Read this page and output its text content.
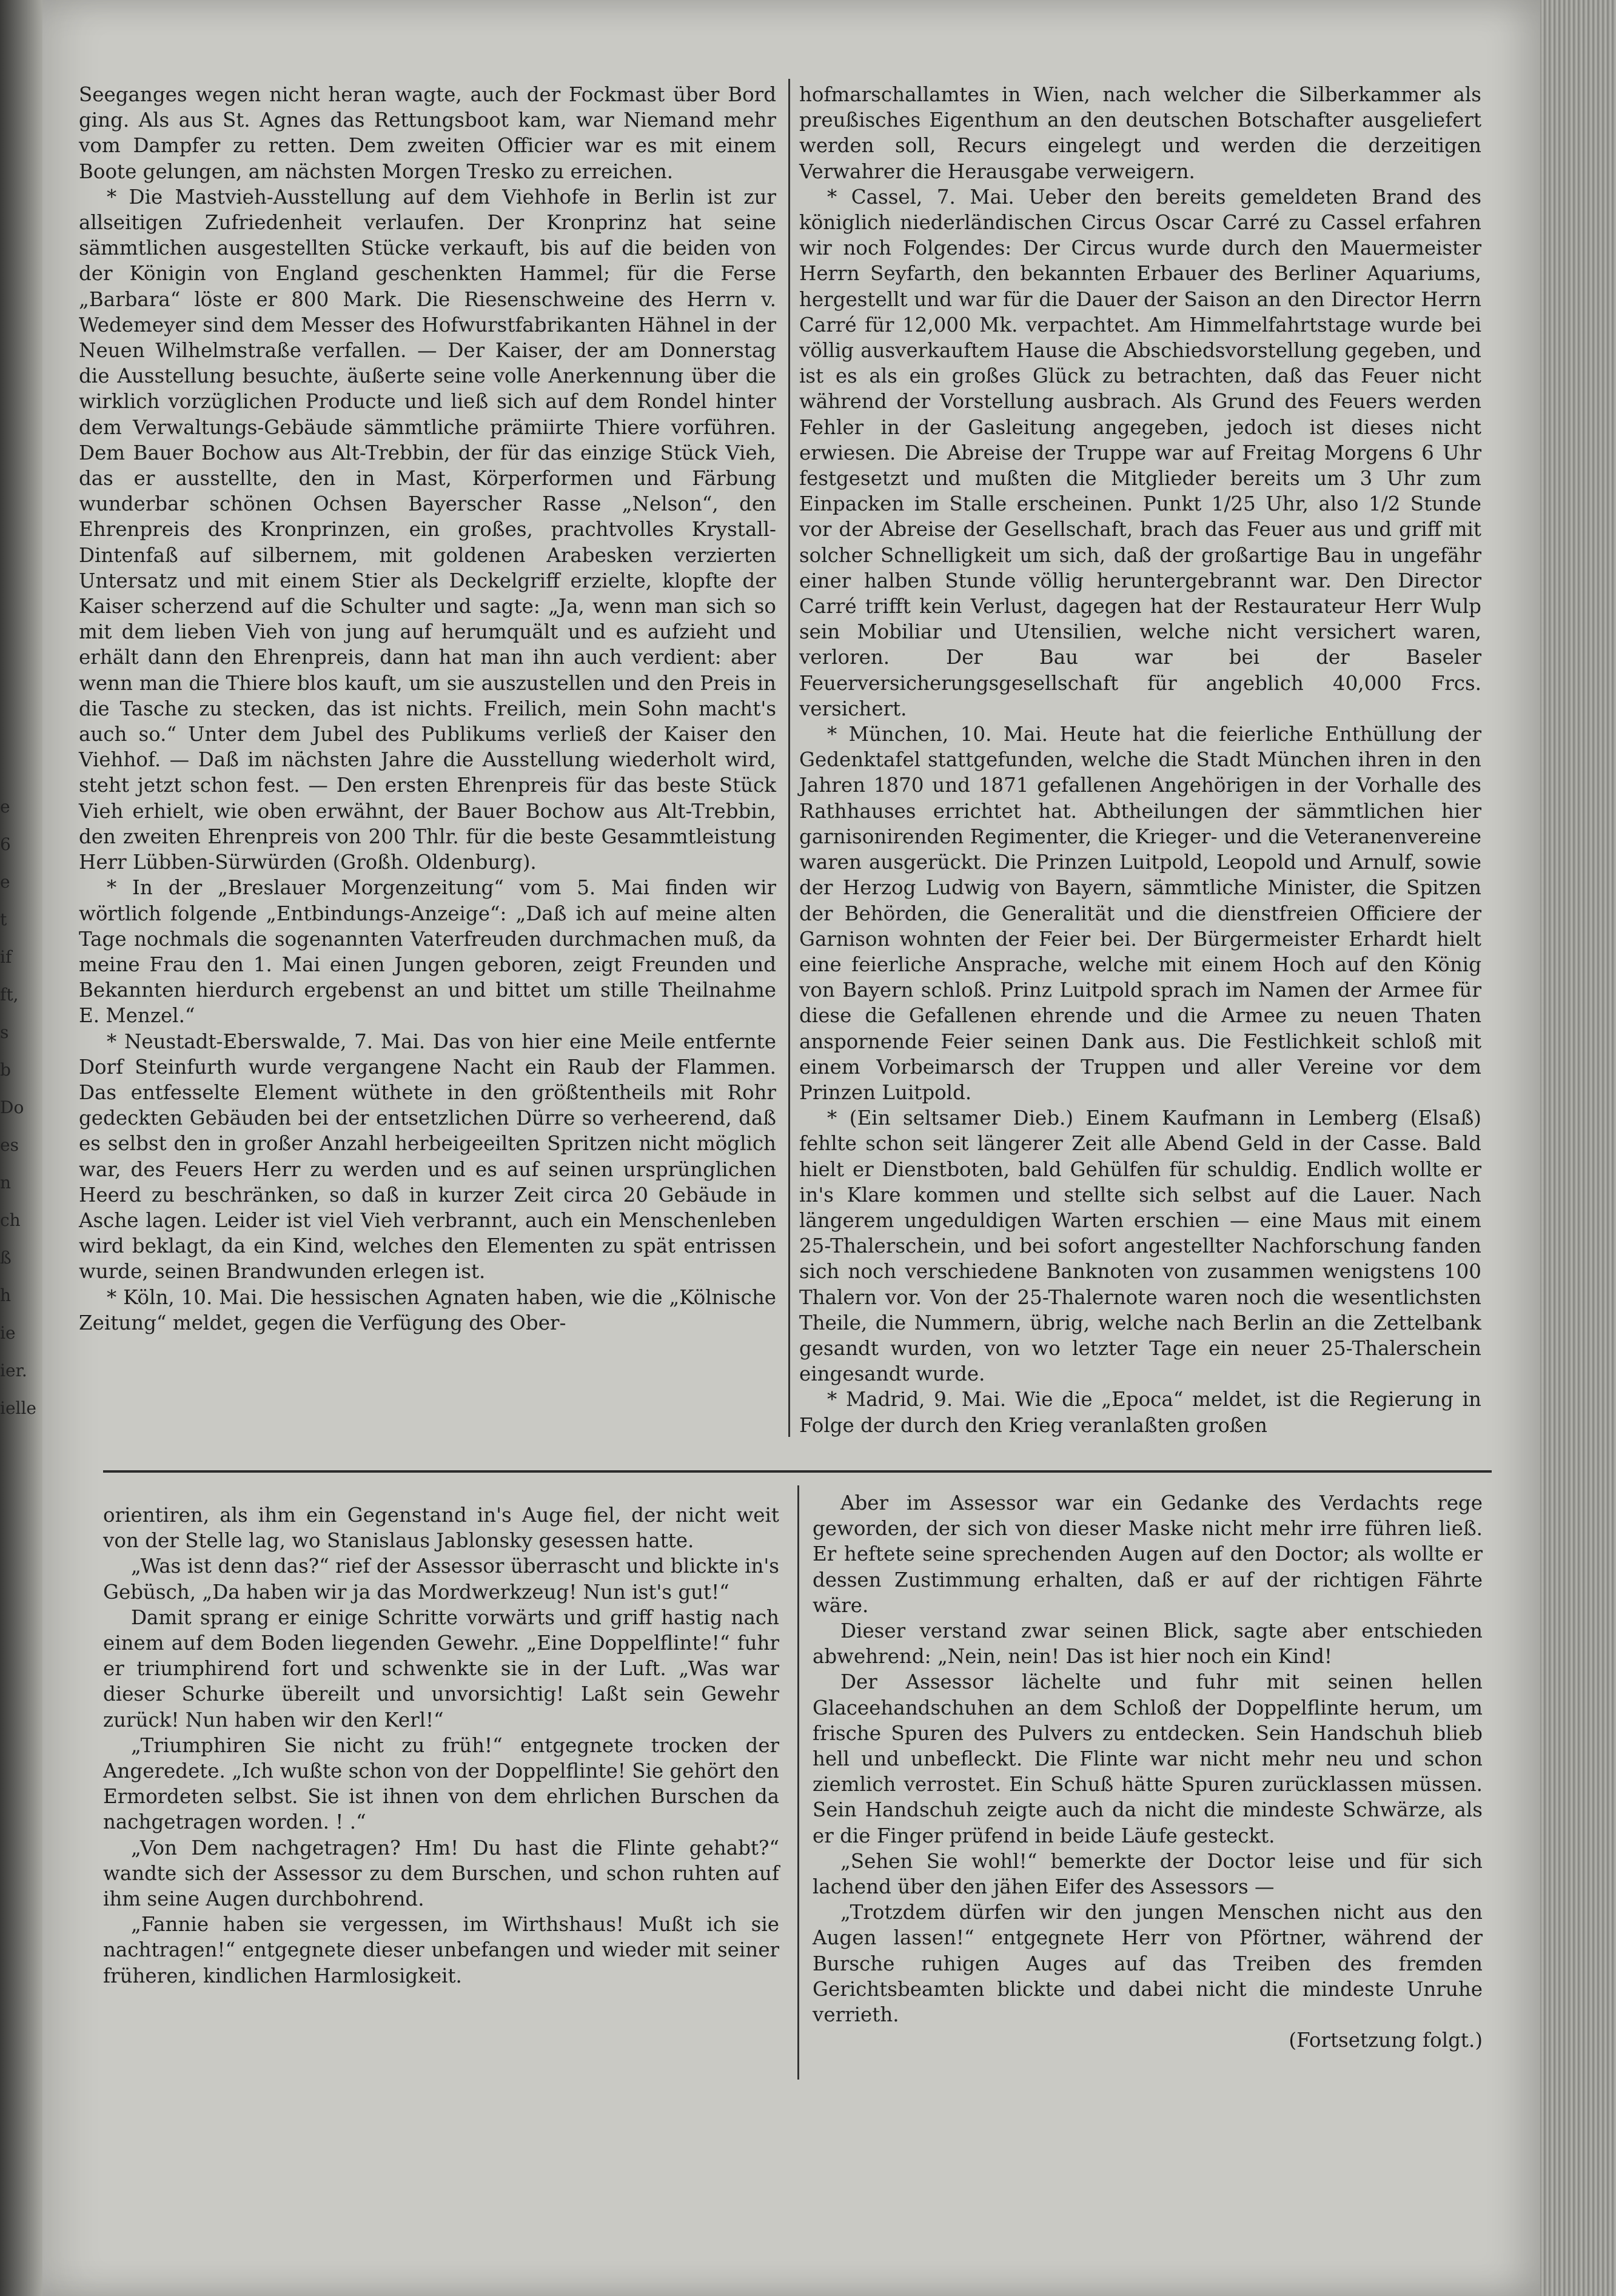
e
6
e
t
if
ft,
s
b
Do
es
n
ch
ß
h
ie
ier.
ielle

Seeganges wegen nicht heran wagte, auch der Fockmast über Bord ging. Als aus St. Agnes das Rettungsboot kam, war Niemand mehr vom Dampfer zu retten. Dem zweiten Officier war es mit einem Boote gelungen, am nächsten Morgen Tresko zu erreichen.

* Die Mastvieh-Ausstellung auf dem Viehhofe in Berlin ist zur allseitigen Zufriedenheit verlaufen. Der Kronprinz hat seine sämmtlichen ausgestellten Stücke verkauft, bis auf die beiden von der Königin von England geschenkten Hammel; für die Ferse „Barbara“ löste er 800 Mark. Die Riesenschweine des Herrn v. Wedemeyer sind dem Messer des Hofwurstfabrikanten Hähnel in der Neuen Wilhelmstraße verfallen. — Der Kaiser, der am Donnerstag die Ausstellung besuchte, äußerte seine volle Anerkennung über die wirklich vorzüglichen Producte und ließ sich auf dem Rondel hinter dem Verwaltungs-Gebäude sämmtliche prämiirte Thiere vorführen. Dem Bauer Bochow aus Alt-Trebbin, der für das einzige Stück Vieh, das er ausstellte, den in Mast, Körperformen und Färbung wunderbar schönen Ochsen Bayerscher Rasse „Nelson“, den Ehrenpreis des Kronprinzen, ein großes, prachtvolles Krystall-Dintenfaß auf silbernem, mit goldenen Arabesken verzierten Untersatz und mit einem Stier als Deckelgriff erzielte, klopfte der Kaiser scherzend auf die Schulter und sagte: „Ja, wenn man sich so mit dem lieben Vieh von jung auf herumquält und es aufzieht und erhält dann den Ehrenpreis, dann hat man ihn auch verdient: aber wenn man die Thiere blos kauft, um sie auszustellen und den Preis in die Tasche zu stecken, das ist nichts. Freilich, mein Sohn macht's auch so.“ Unter dem Jubel des Publikums verließ der Kaiser den Viehhof. — Daß im nächsten Jahre die Ausstellung wiederholt wird, steht jetzt schon fest. — Den ersten Ehrenpreis für das beste Stück Vieh erhielt, wie oben erwähnt, der Bauer Bochow aus Alt-Trebbin, den zweiten Ehrenpreis von 200 Thlr. für die beste Gesammtleistung Herr Lübben-Sürwürden (Großh. Oldenburg).

* In der „Breslauer Morgenzeitung“ vom 5. Mai finden wir wörtlich folgende „Entbindungs-Anzeige“: „Daß ich auf meine alten Tage nochmals die sogenannten Vaterfreuden durchmachen muß, da meine Frau den 1. Mai einen Jungen geboren, zeigt Freunden und Bekannten hierdurch ergebenst an und bittet um stille Theilnahme E. Menzel.“

* Neustadt-Eberswalde, 7. Mai. Das von hier eine Meile entfernte Dorf Steinfurth wurde vergangene Nacht ein Raub der Flammen. Das entfesselte Element wüthete in den größtentheils mit Rohr gedeckten Gebäuden bei der entsetzlichen Dürre so verheerend, daß es selbst den in großer Anzahl herbeigeeilten Spritzen nicht möglich war, des Feuers Herr zu werden und es auf seinen ursprünglichen Heerd zu beschränken, so daß in kurzer Zeit circa 20 Gebäude in Asche lagen. Leider ist viel Vieh verbrannt, auch ein Menschenleben wird beklagt, da ein Kind, welches den Elementen zu spät entrissen wurde, seinen Brandwunden erlegen ist.

* Köln, 10. Mai. Die hessischen Agnaten haben, wie die „Kölnische Zeitung“ meldet, gegen die Verfügung des Ober-

hofmarschallamtes in Wien, nach welcher die Silberkammer als preußisches Eigenthum an den deutschen Botschafter ausgeliefert werden soll, Recurs eingelegt und werden die derzeitigen Verwahrer die Herausgabe verweigern.

* Cassel, 7. Mai. Ueber den bereits gemeldeten Brand des königlich niederländischen Circus Oscar Carré zu Cassel erfahren wir noch Folgendes: Der Circus wurde durch den Mauermeister Herrn Seyfarth, den bekannten Erbauer des Berliner Aquariums, hergestellt und war für die Dauer der Saison an den Director Herrn Carré für 12,000 Mk. verpachtet. Am Himmelfahrtstage wurde bei völlig ausverkauftem Hause die Abschiedsvorstellung gegeben, und ist es als ein großes Glück zu betrachten, daß das Feuer nicht während der Vorstellung ausbrach. Als Grund des Feuers werden Fehler in der Gasleitung angegeben, jedoch ist dieses nicht erwiesen. Die Abreise der Truppe war auf Freitag Morgens 6 Uhr festgesetzt und mußten die Mitglieder bereits um 3 Uhr zum Einpacken im Stalle erscheinen. Punkt 1/25 Uhr, also 1/2 Stunde vor der Abreise der Gesellschaft, brach das Feuer aus und griff mit solcher Schnelligkeit um sich, daß der großartige Bau in ungefähr einer halben Stunde völlig heruntergebrannt war. Den Director Carré trifft kein Verlust, dagegen hat der Restaurateur Herr Wulp sein Mobiliar und Utensilien, welche nicht versichert waren, verloren. Der Bau war bei der Baseler Feuerversicherungsgesellschaft für angeblich 40,000 Frcs. versichert.

* München, 10. Mai. Heute hat die feierliche Enthüllung der Gedenktafel stattgefunden, welche die Stadt München ihren in den Jahren 1870 und 1871 gefallenen Angehörigen in der Vorhalle des Rathhauses errichtet hat. Abtheilungen der sämmtlichen hier garnisonirenden Regimenter, die Krieger- und die Veteranenvereine waren ausgerückt. Die Prinzen Luitpold, Leopold und Arnulf, sowie der Herzog Ludwig von Bayern, sämmtliche Minister, die Spitzen der Behörden, die Generalität und die dienstfreien Officiere der Garnison wohnten der Feier bei. Der Bürgermeister Erhardt hielt eine feierliche Ansprache, welche mit einem Hoch auf den König von Bayern schloß. Prinz Luitpold sprach im Namen der Armee für diese die Gefallenen ehrende und die Armee zu neuen Thaten anspornende Feier seinen Dank aus. Die Festlichkeit schloß mit einem Vorbeimarsch der Truppen und aller Vereine vor dem Prinzen Luitpold.

* (Ein seltsamer Dieb.) Einem Kaufmann in Lemberg (Elsaß) fehlte schon seit längerer Zeit alle Abend Geld in der Casse. Bald hielt er Dienstboten, bald Gehülfen für schuldig. Endlich wollte er in's Klare kommen und stellte sich selbst auf die Lauer. Nach längerem ungeduldigen Warten erschien — eine Maus mit einem 25-Thalerschein, und bei sofort angestellter Nachforschung fanden sich noch verschiedene Banknoten von zusammen wenigstens 100 Thalern vor. Von der 25-Thalernote waren noch die wesentlichsten Theile, die Nummern, übrig, welche nach Berlin an die Zettelbank gesandt wurden, von wo letzter Tage ein neuer 25-Thalerschein eingesandt wurde.

* Madrid, 9. Mai. Wie die „Epoca“ meldet, ist die Regierung in Folge der durch den Krieg veranlaßten großen

orientiren, als ihm ein Gegenstand in's Auge fiel, der nicht weit von der Stelle lag, wo Stanislaus Jablonsky gesessen hatte.

„Was ist denn das?“ rief der Assessor überrascht und blickte in's Gebüsch, „Da haben wir ja das Mordwerkzeug! Nun ist's gut!“

Damit sprang er einige Schritte vorwärts und griff hastig nach einem auf dem Boden liegenden Gewehr. „Eine Doppelflinte!“ fuhr er triumphirend fort und schwenkte sie in der Luft. „Was war dieser Schurke übereilt und unvorsichtig! Laßt sein Gewehr zurück! Nun haben wir den Kerl!“

„Triumphiren Sie nicht zu früh!“ entgegnete trocken der Angeredete. „Ich wußte schon von der Doppelflinte! Sie gehört den Ermordeten selbst. Sie ist ihnen von dem ehrlichen Burschen da nachgetragen worden. ! .“

„Von Dem nachgetragen? Hm! Du hast die Flinte gehabt?“ wandte sich der Assessor zu dem Burschen, und schon ruhten auf ihm seine Augen durchbohrend.

„Fannie haben sie vergessen, im Wirthshaus! Mußt ich sie nachtragen!“ entgegnete dieser unbefangen und wieder mit seiner früheren, kindlichen Harmlosigkeit.

Aber im Assessor war ein Gedanke des Verdachts rege geworden, der sich von dieser Maske nicht mehr irre führen ließ. Er heftete seine sprechenden Augen auf den Doctor; als wollte er dessen Zustimmung erhalten, daß er auf der richtigen Fährte wäre.

Dieser verstand zwar seinen Blick, sagte aber entschieden abwehrend: „Nein, nein! Das ist hier noch ein Kind!

Der Assessor lächelte und fuhr mit seinen hellen Glaceehandschuhen an dem Schloß der Doppelflinte herum, um frische Spuren des Pulvers zu entdecken. Sein Handschuh blieb hell und unbefleckt. Die Flinte war nicht mehr neu und schon ziemlich verrostet. Ein Schuß hätte Spuren zurücklassen müssen. Sein Handschuh zeigte auch da nicht die mindeste Schwärze, als er die Finger prüfend in beide Läufe gesteckt.

„Sehen Sie wohl!“ bemerkte der Doctor leise und für sich lachend über den jähen Eifer des Assessors —

„Trotzdem dürfen wir den jungen Menschen nicht aus den Augen lassen!“ entgegnete Herr von Pförtner, während der Bursche ruhigen Auges auf das Treiben des fremden Gerichtsbeamten blickte und dabei nicht die mindeste Unruhe verrieth.

(Fortsetzung folgt.)
